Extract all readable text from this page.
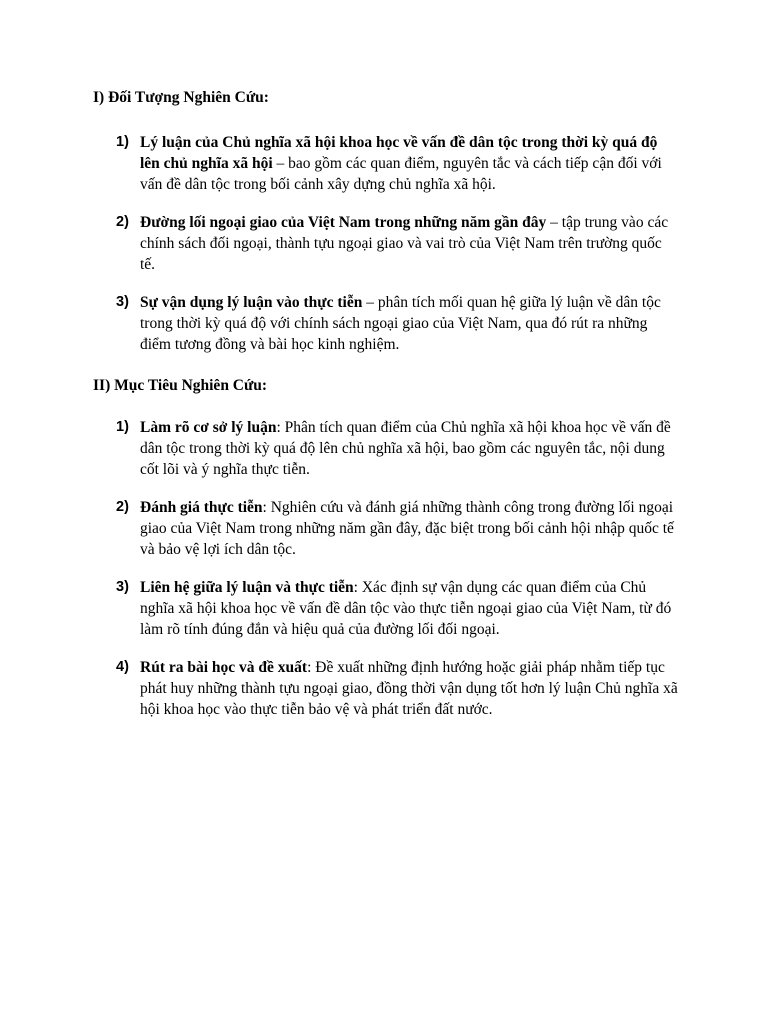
I) Đối Tượng Nghiên Cứu:
1) Lý luận của Chủ nghĩa xã hội khoa học về vấn đề dân tộc trong thời kỳ quá độ lên chủ nghĩa xã hội – bao gồm các quan điểm, nguyên tắc và cách tiếp cận đối với vấn đề dân tộc trong bối cảnh xây dựng chủ nghĩa xã hội.
2) Đường lối ngoại giao của Việt Nam trong những năm gần đây – tập trung vào các chính sách đối ngoại, thành tựu ngoại giao và vai trò của Việt Nam trên trường quốc tế.
3) Sự vận dụng lý luận vào thực tiễn – phân tích mối quan hệ giữa lý luận về dân tộc trong thời kỳ quá độ với chính sách ngoại giao của Việt Nam, qua đó rút ra những điểm tương đồng và bài học kinh nghiệm.
II) Mục Tiêu Nghiên Cứu:
1) Làm rõ cơ sở lý luận: Phân tích quan điểm của Chủ nghĩa xã hội khoa học về vấn đề dân tộc trong thời kỳ quá độ lên chủ nghĩa xã hội, bao gồm các nguyên tắc, nội dung cốt lõi và ý nghĩa thực tiễn.
2) Đánh giá thực tiễn: Nghiên cứu và đánh giá những thành công trong đường lối ngoại giao của Việt Nam trong những năm gần đây, đặc biệt trong bối cảnh hội nhập quốc tế và bảo vệ lợi ích dân tộc.
3) Liên hệ giữa lý luận và thực tiễn: Xác định sự vận dụng các quan điểm của Chủ nghĩa xã hội khoa học về vấn đề dân tộc vào thực tiễn ngoại giao của Việt Nam, từ đó làm rõ tính đúng đắn và hiệu quả của đường lối đối ngoại.
4) Rút ra bài học và đề xuất: Đề xuất những định hướng hoặc giải pháp nhằm tiếp tục phát huy những thành tựu ngoại giao, đồng thời vận dụng tốt hơn lý luận Chủ nghĩa xã hội khoa học vào thực tiễn bảo vệ và phát triển đất nước.
